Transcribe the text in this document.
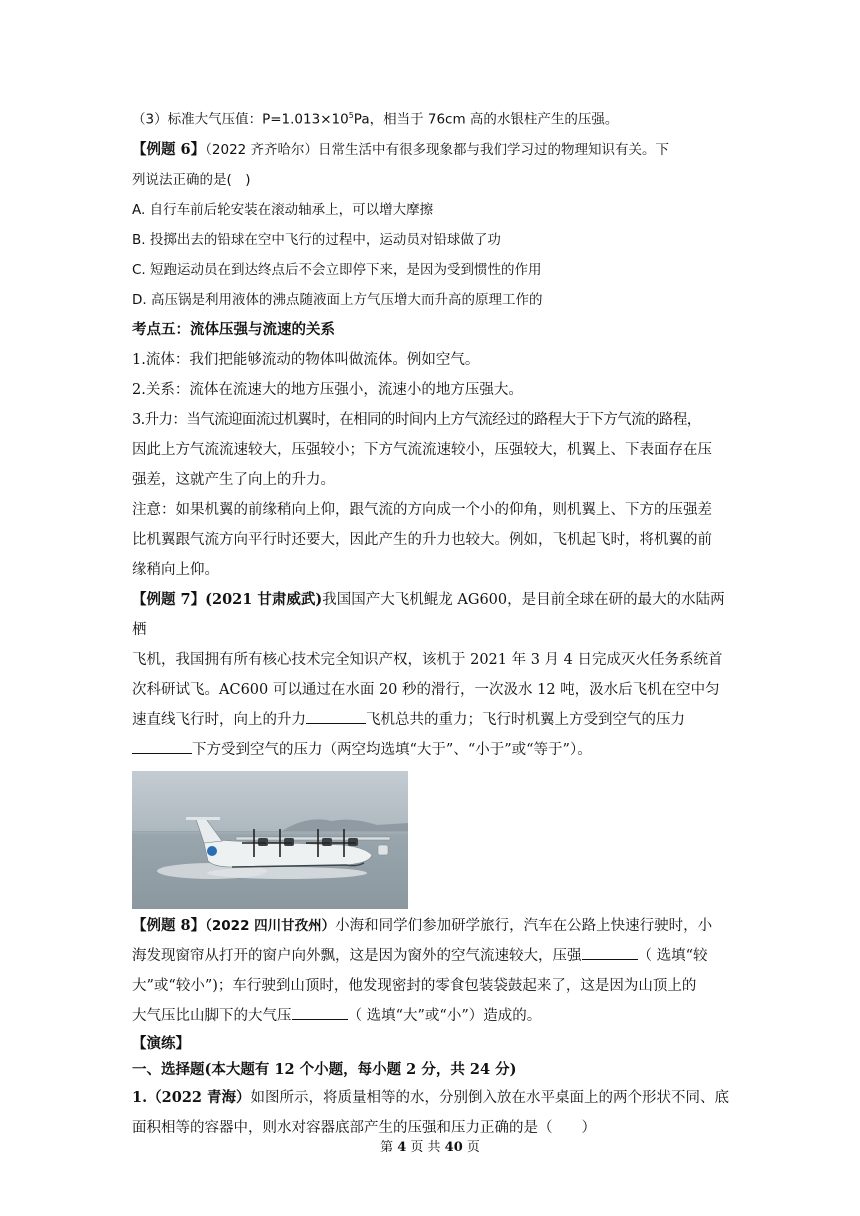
（3）标准大气压值：$P=1.013\times 10^5Pa$，相当于 76cm 高的水银柱产生的压强。

【例题 6】（2022 齐齐哈尔）日常生活中有很多现象都与我们学习过的物理知识有关。下

列说法正确的是(　)

A. 自行车前后轮安装在滚动轴承上，可以增大摩擦

B. 投掷出去的铅球在空中飞行的过程中，运动员对铅球做了功

C. 短跑运动员在到达终点后不会立即停下来，是因为受到惯性的作用

D. 高压锅是利用液体的沸点随液面上方气压增大而升高的原理工作的

考点五：流体压强与流速的关系

1.流体：我们把能够流动的物体叫做流体。例如空气。

2.关系：流体在流速大的地方压强小，流速小的地方压强大。

3.升力：当气流迎面流过机翼时，在相同的时间内上方气流经过的路程大于下方气流的路程，

因此上方气流流速较大，压强较小；下方气流流速较小，压强较大，机翼上、下表面存在压

强差，这就产生了向上的升力。

注意：如果机翼的前缘稍向上仰，跟气流的方向成一个小的仰角，则机翼上、下方的压强差

比机翼跟气流方向平行时还要大，因此产生的升力也较大。例如，飞机起飞时，将机翼的前

缘稍向上仰。

【例题 7】(2021 甘肃威武)我国国产大飞机鲲龙 AG600，是目前全球在研的最大的水陆两栖

飞机，我国拥有所有核心技术完全知识产权，该机于 2021 年 3 月 4 日完成灭火任务系统首

次科研试飞。AC600 可以通过在水面 20 秒的滑行，一次汲水 12 吨，汲水后飞机在空中匀

速直线飞行时，向上的升力	飞机总共的重力；飞行时机翼上方受到空气的压力

下方受到空气的压力（两空均选填“大于”、“小于”或“等于”）。

【例题 8】（2022 四川甘孜州）小海和同学们参加研学旅行，汽车在公路上快速行驶时，小

海发现窗帘从打开的窗户向外飘，这是因为窗外的空气流速较大，压强	（ 选填“较

大”或“较小”)；车行驶到山顶时，他发现密封的零食包装袋鼓起来了，这是因为山顶上的

大气压比山脚下的大气压	（ 选填“大”或“小”）造成的。

【演练】

一、选择题(本大题有 12 个小题，每小题 2 分，共 24 分)

1.（2022 青海）如图所示，将质量相等的水，分别倒入放在水平桌面上的两个形状不同、底

面积相等的容器中，则水对容器底部产生的压强和压力正确的是（　　）

第 4 页 共 40 页
